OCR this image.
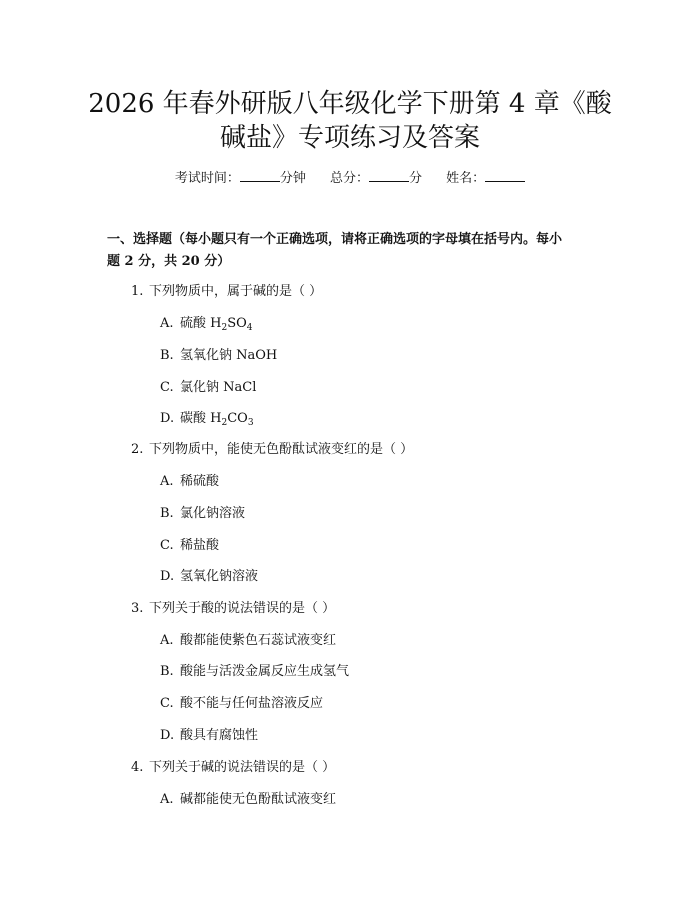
2026 年春外研版八年级化学下册第 4 章《酸
碱盐》专项练习及答案
考试时间：	分钟 总分：	分 姓名：
一、选择题（每小题只有一个正确选项，请将正确选项的字母填在括号内。每小
题 2 分，共 20 分）
1. 下列物质中，属于碱的是（ ）
A. 硫酸 $H_2SO_4$
B. 氢氧化钠 NaOH
C. 氯化钠 NaCl
D. 碳酸 $H_2CO_3$
2. 下列物质中，能使无色酚酞试液变红的是（ ）
A. 稀硫酸
B. 氯化钠溶液
C. 稀盐酸
D. 氢氧化钠溶液
3. 下列关于酸的说法错误的是（ ）
A. 酸都能使紫色石蕊试液变红
B. 酸能与活泼金属反应生成氢气
C. 酸不能与任何盐溶液反应
D. 酸具有腐蚀性
4. 下列关于碱的说法错误的是（ ）
A. 碱都能使无色酚酞试液变红
